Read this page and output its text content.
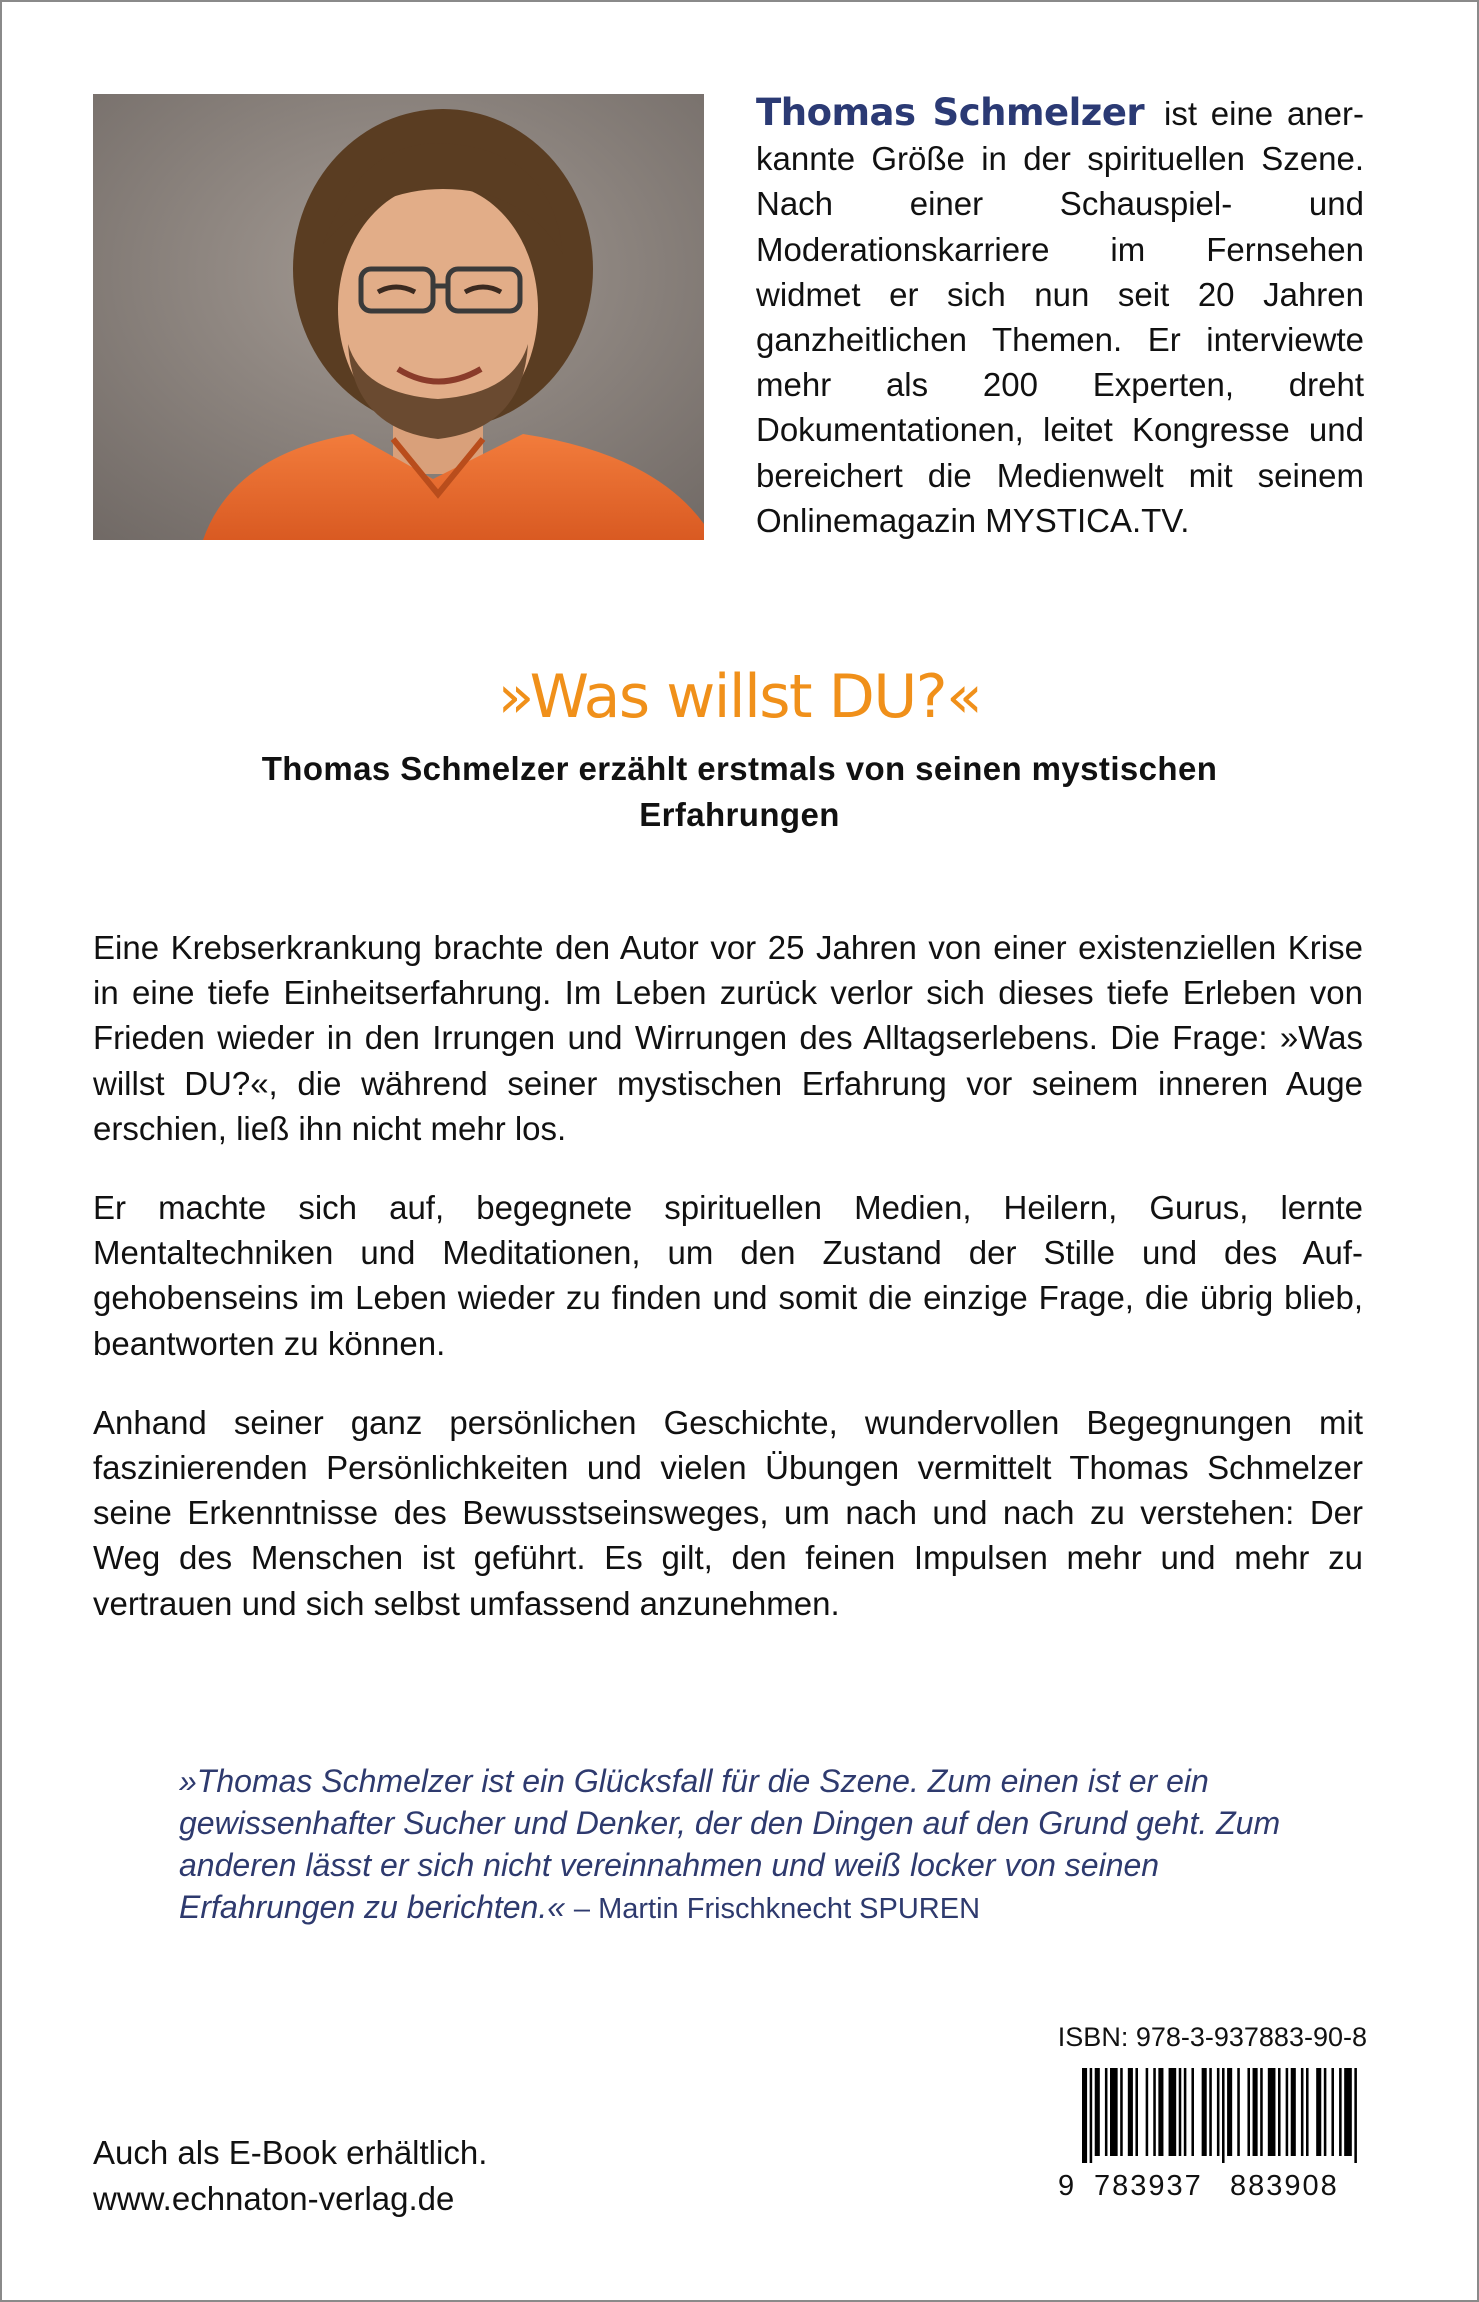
Thomas Schmelzer ist eine anerkannte Größe in der spirituellen Szene. Nach einer Schauspiel- und Moderationskarriere im Fernsehen widmet er sich nun seit 20 Jahren ganzheitlichen Themen. Er interviewte mehr als 200 Experten, dreht Dokumentationen, leitet Kongresse und bereichert die Medienwelt mit seinem Onlinemagazin MYSTICA.TV.
»Was willst DU?«
Thomas Schmelzer erzählt erstmals von seinen mystischen Erfahrungen

Eine Krebserkrankung brachte den Autor vor 25 Jahren von einer existenziellen Krise in eine tiefe Einheitserfahrung. Im Leben zurück verlor sich dieses tiefe Erleben von Frieden wieder in den Irrungen und Wirrungen des Alltagserlebens. Die Frage: »Was willst DU?«, die während seiner mystischen Erfahrung vor seinem inneren Auge erschien, ließ ihn nicht mehr los.

Er machte sich auf, begegnete spirituellen Medien, Heilern, Gurus, lernte Mentaltechniken und Meditationen, um den Zustand der Stille und des Aufgehobenseins im Leben wieder zu finden und somit die einzige Frage, die übrig blieb, beantworten zu können.

Anhand seiner ganz persönlichen Geschichte, wundervollen Begegnungen mit faszinierenden Persönlichkeiten und vielen Übungen vermittelt Thomas Schmelzer seine Erkenntnisse des Bewusstseinsweges, um nach und nach zu verstehen: Der Weg des Menschen ist geführt. Es gilt, den feinen Impulsen mehr und mehr zu vertrauen und sich selbst umfassend anzunehmen.

»Thomas Schmelzer ist ein Glücksfall für die Szene. Zum einen ist er ein gewissenhafter Sucher und Denker, der den Dingen auf den Grund geht. Zum anderen lässt er sich nicht vereinnahmen und weiß locker von seinen Erfahrungen zu berichten.« – Martin Frischknecht SPUREN
Auch als E-Book erhältlich.
www.echnaton-verlag.de
ISBN: 978-3-937883-90-8
9 783937 883908
